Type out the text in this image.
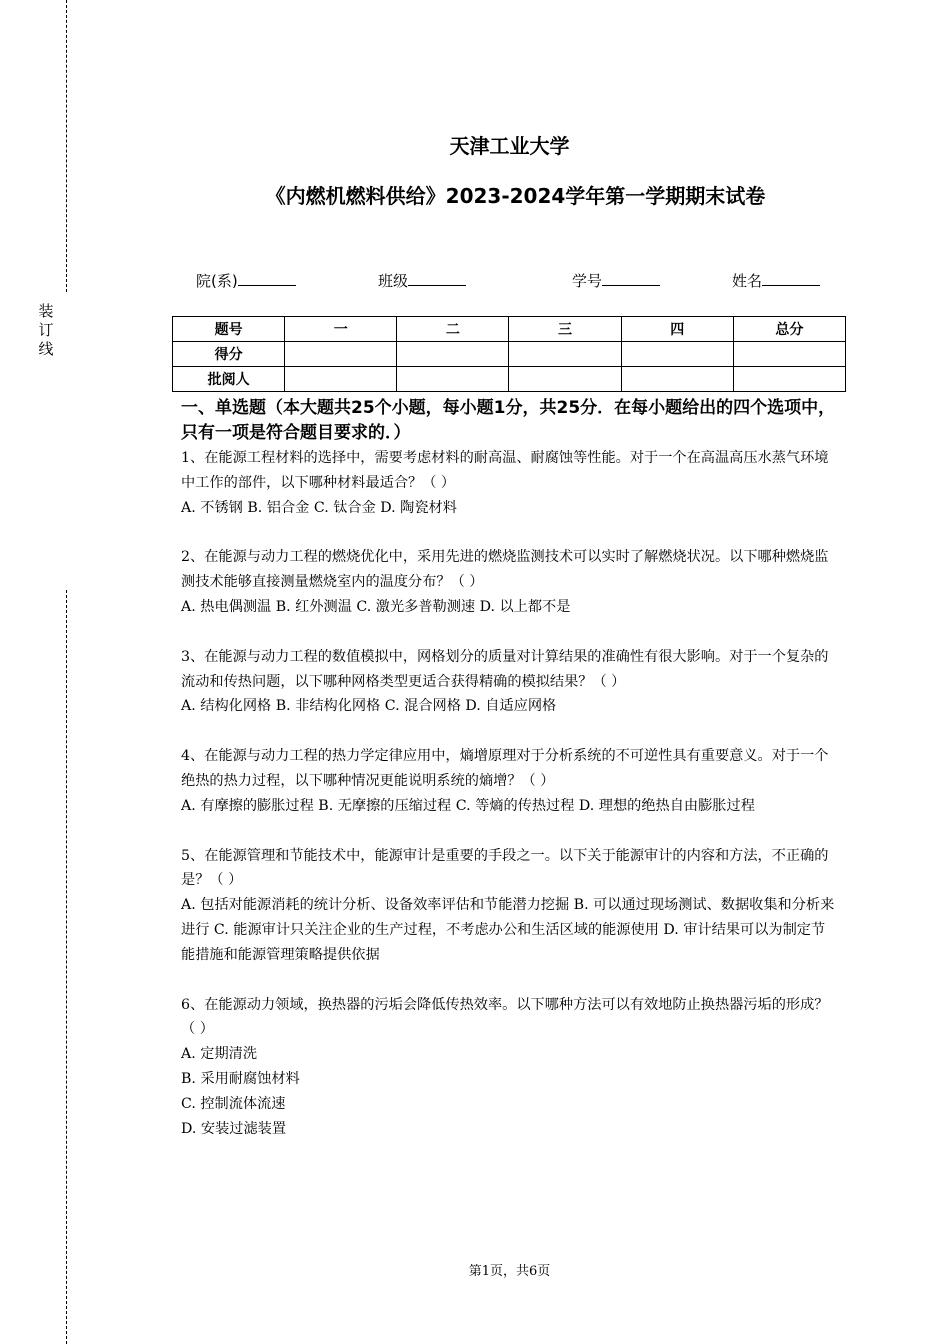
装
订
线
天津工业大学
《内燃机燃料供给》2023-2024学年第一学期期末试卷
院(系)	班级	学号	姓名
题号	一	二	三	四	总分
得分					
批阅人					
一、单选题（本大题共25个小题，每小题1分，共25分．在每小题给出的四个选项中，只有一项是符合题目要求的．）

1、在能源工程材料的选择中，需要考虑材料的耐高温、耐腐蚀等性能。对于一个在高温高压水蒸气环境中工作的部件，以下哪种材料最适合？（ ）

A. 不锈钢 B. 铝合金 C. 钛合金 D. 陶瓷材料

2、在能源与动力工程的燃烧优化中，采用先进的燃烧监测技术可以实时了解燃烧状况。以下哪种燃烧监测技术能够直接测量燃烧室内的温度分布？（ ）

A. 热电偶测温 B. 红外测温 C. 激光多普勒测速 D. 以上都不是

3、在能源与动力工程的数值模拟中，网格划分的质量对计算结果的准确性有很大影响。对于一个复杂的流动和传热问题，以下哪种网格类型更适合获得精确的模拟结果？（ ）

A. 结构化网格 B. 非结构化网格 C. 混合网格 D. 自适应网格

4、在能源与动力工程的热力学定律应用中，熵增原理对于分析系统的不可逆性具有重要意义。对于一个绝热的热力过程，以下哪种情况更能说明系统的熵增？（ ）

A. 有摩擦的膨胀过程 B. 无摩擦的压缩过程 C. 等熵的传热过程 D. 理想的绝热自由膨胀过程

5、在能源管理和节能技术中，能源审计是重要的手段之一。以下关于能源审计的内容和方法，不正确的是？（ ）

A. 包括对能源消耗的统计分析、设备效率评估和节能潜力挖掘 B. 可以通过现场测试、数据收集和分析来进行 C. 能源审计只关注企业的生产过程，不考虑办公和生活区域的能源使用 D. 审计结果可以为制定节能措施和能源管理策略提供依据

6、在能源动力领域，换热器的污垢会降低传热效率。以下哪种方法可以有效地防止换热器污垢的形成？（ ）

A. 定期清洗

B. 采用耐腐蚀材料

C. 控制流体流速

D. 安装过滤装置

第1页，共6页
